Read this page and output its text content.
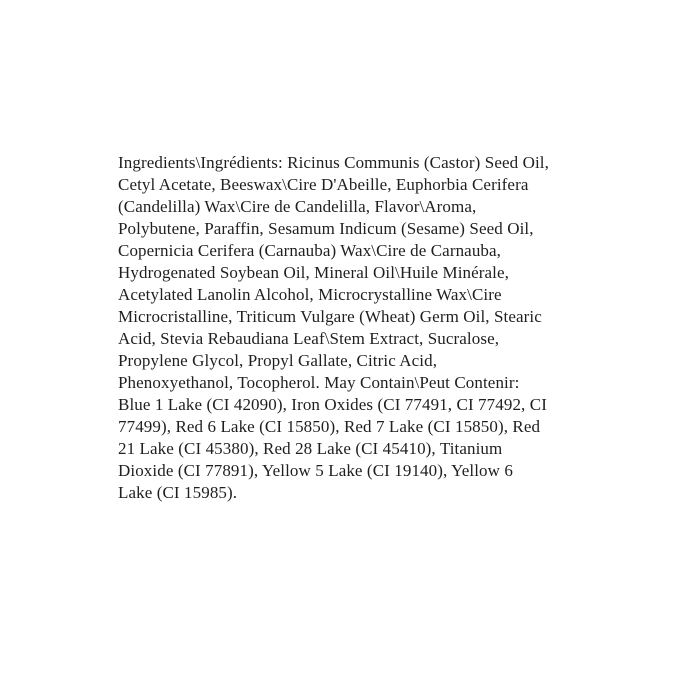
Ingredients\Ingrédients: Ricinus Communis (Castor) Seed Oil,
Cetyl Acetate, Beeswax\Cire D'Abeille, Euphorbia Cerifera
(Candelilla) Wax\Cire de Candelilla, Flavor\Aroma,
Polybutene, Paraffin, Sesamum Indicum (Sesame) Seed Oil,
Copernicia Cerifera (Carnauba) Wax\Cire de Carnauba,
Hydrogenated Soybean Oil, Mineral Oil\Huile Minérale,
Acetylated Lanolin Alcohol, Microcrystalline Wax\Cire
Microcristalline, Triticum Vulgare (Wheat) Germ Oil, Stearic
Acid, Stevia Rebaudiana Leaf\Stem Extract, Sucralose,
Propylene Glycol, Propyl Gallate, Citric Acid,
Phenoxyethanol, Tocopherol. May Contain\Peut Contenir:
Blue 1 Lake (CI 42090), Iron Oxides (CI 77491, CI 77492, CI
77499), Red 6 Lake (CI 15850), Red 7 Lake (CI 15850), Red
21 Lake (CI 45380), Red 28 Lake (CI 45410), Titanium
Dioxide (CI 77891), Yellow 5 Lake (CI 19140), Yellow 6
Lake (CI 15985).
